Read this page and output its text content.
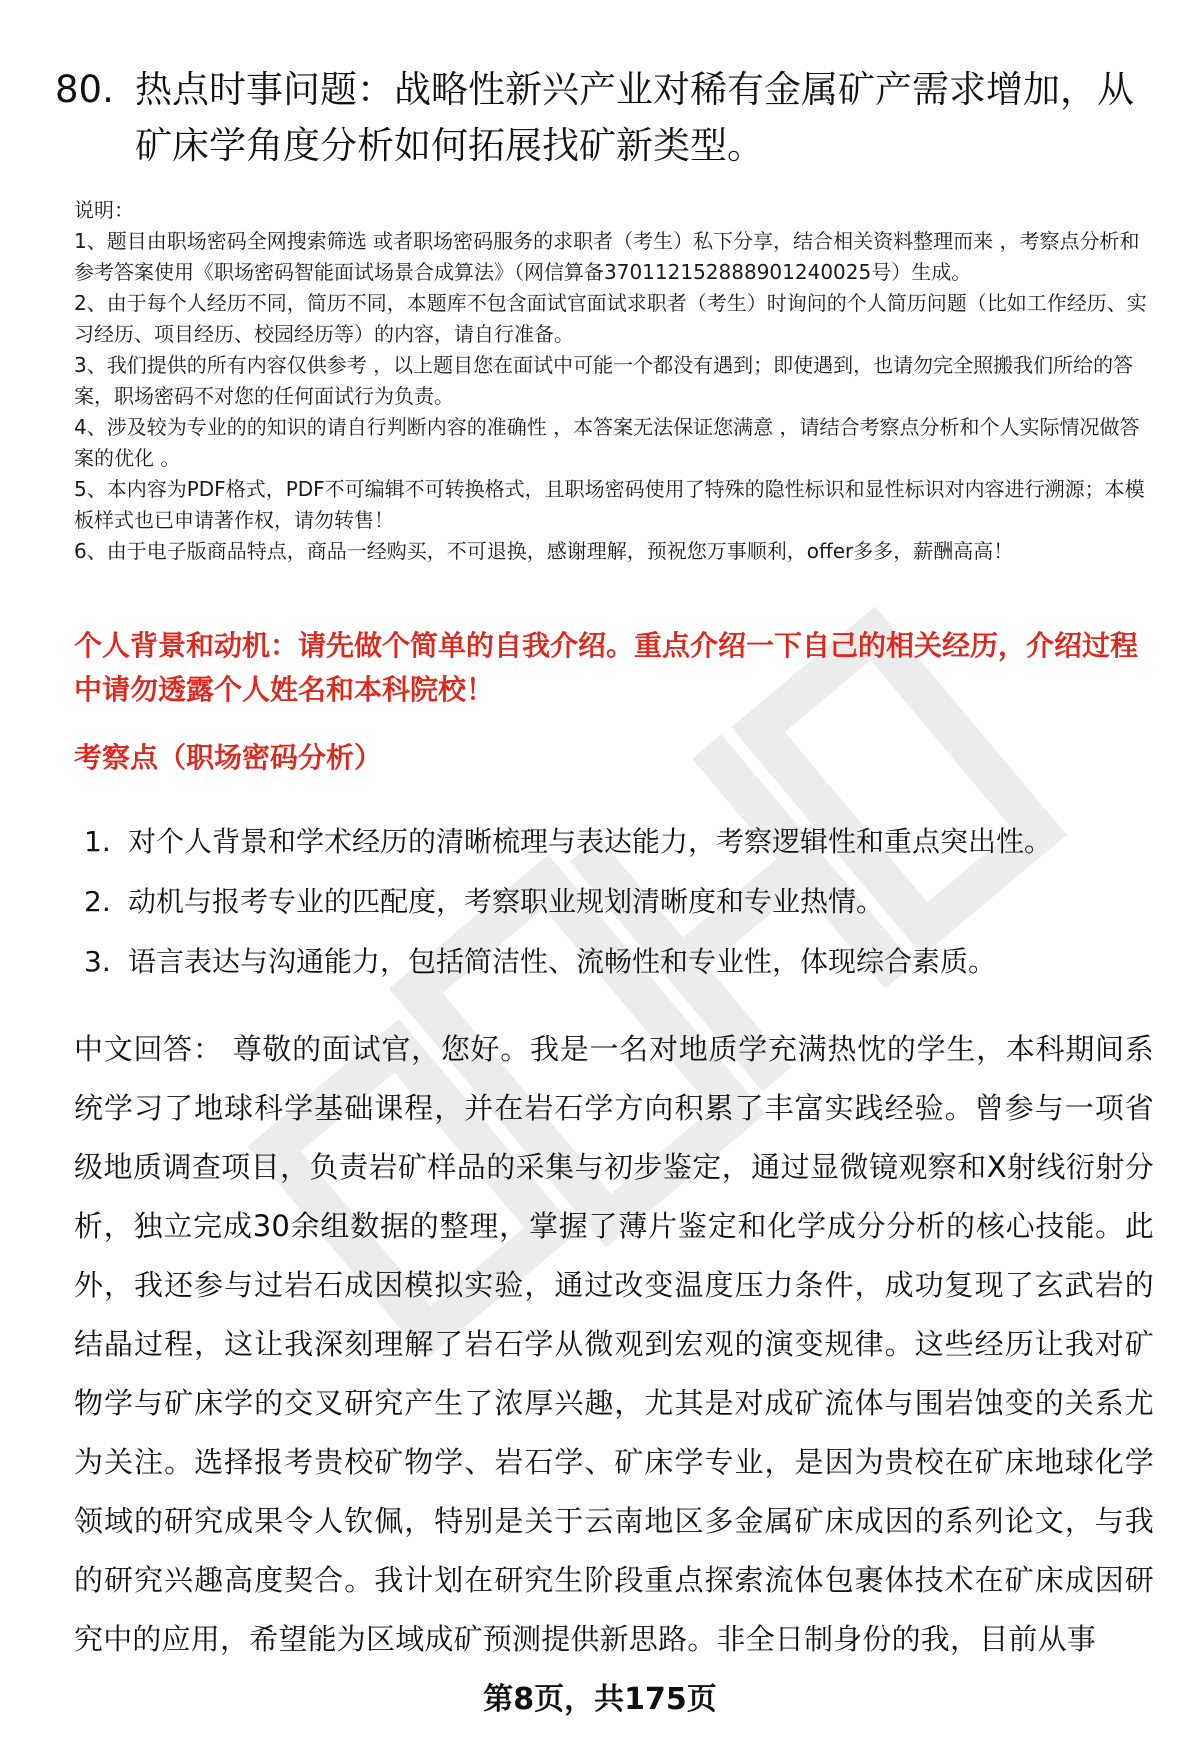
80. 热点时事问题：战略性新兴产业对稀有金属矿产需求增加，从矿床学角度分析如何拓展找矿新类型。

说明：

1、题目由职场密码全网搜索筛选 或者职场密码服务的求职者（考生）私下分享，结合相关资料整理而来 ，考察点分析和参考答案使用《职场密码智能面试场景合成算法》（网信算备370112152888901240025号）生成。

2、由于每个人经历不同，简历不同，本题库不包含面试官面试求职者（考生）时询问的个人简历问题（比如工作经历、实习经历、项目经历、校园经历等）的内容，请自行准备。

3、我们提供的所有内容仅供参考 ，以上题目您在面试中可能一个都没有遇到；即使遇到，也请勿完全照搬我们所给的答案，职场密码不对您的任何面试行为负责。

4、涉及较为专业的的知识的请自行判断内容的准确性 ，本答案无法保证您满意 ，请结合考察点分析和个人实际情况做答案的优化 。

5、本内容为PDF格式，PDF不可编辑不可转换格式，且职场密码使用了特殊的隐性标识和显性标识对内容进行溯源；本模板样式也已申请著作权，请勿转售！

6、由于电子版商品特点，商品一经购买，不可退换，感谢理解，预祝您万事顺利，offer多多，薪酬高高！

个人背景和动机：请先做个简单的自我介绍。重点介绍一下自己的相关经历，介绍过程中请勿透露个人姓名和本科院校！
考察点（职场密码分析）
1. 对个人背景和学术经历的清晰梳理与表达能力，考察逻辑性和重点突出性。
2. 动机与报考专业的匹配度，考察职业规划清晰度和专业热情。
3. 语言表达与沟通能力，包括简洁性、流畅性和专业性，体现综合素质。
中文回答： 尊敬的面试官，您好。我是一名对地质学充满热忱的学生，本科期间系统学习了地球科学基础课程，并在岩石学方向积累了丰富实践经验。曾参与一项省级地质调查项目，负责岩矿样品的采集与初步鉴定，通过显微镜观察和X射线衍射分析，独立完成30余组数据的整理，掌握了薄片鉴定和化学成分分析的核心技能。此外，我还参与过岩石成因模拟实验，通过改变温度压力条件，成功复现了玄武岩的结晶过程，这让我深刻理解了岩石学从微观到宏观的演变规律。这些经历让我对矿物学与矿床学的交叉研究产生了浓厚兴趣，尤其是对成矿流体与围岩蚀变的关系尤为关注。选择报考贵校矿物学、岩石学、矿床学专业，是因为贵校在矿床地球化学领域的研究成果令人钦佩，特别是关于云南地区多金属矿床成因的系列论文，与我的研究兴趣高度契合。我计划在研究生阶段重点探索流体包裹体技术在矿床成因研究中的应用，希望能为区域成矿预测提供新思路。非全日制身份的我，目前从事
第8页，共175页
